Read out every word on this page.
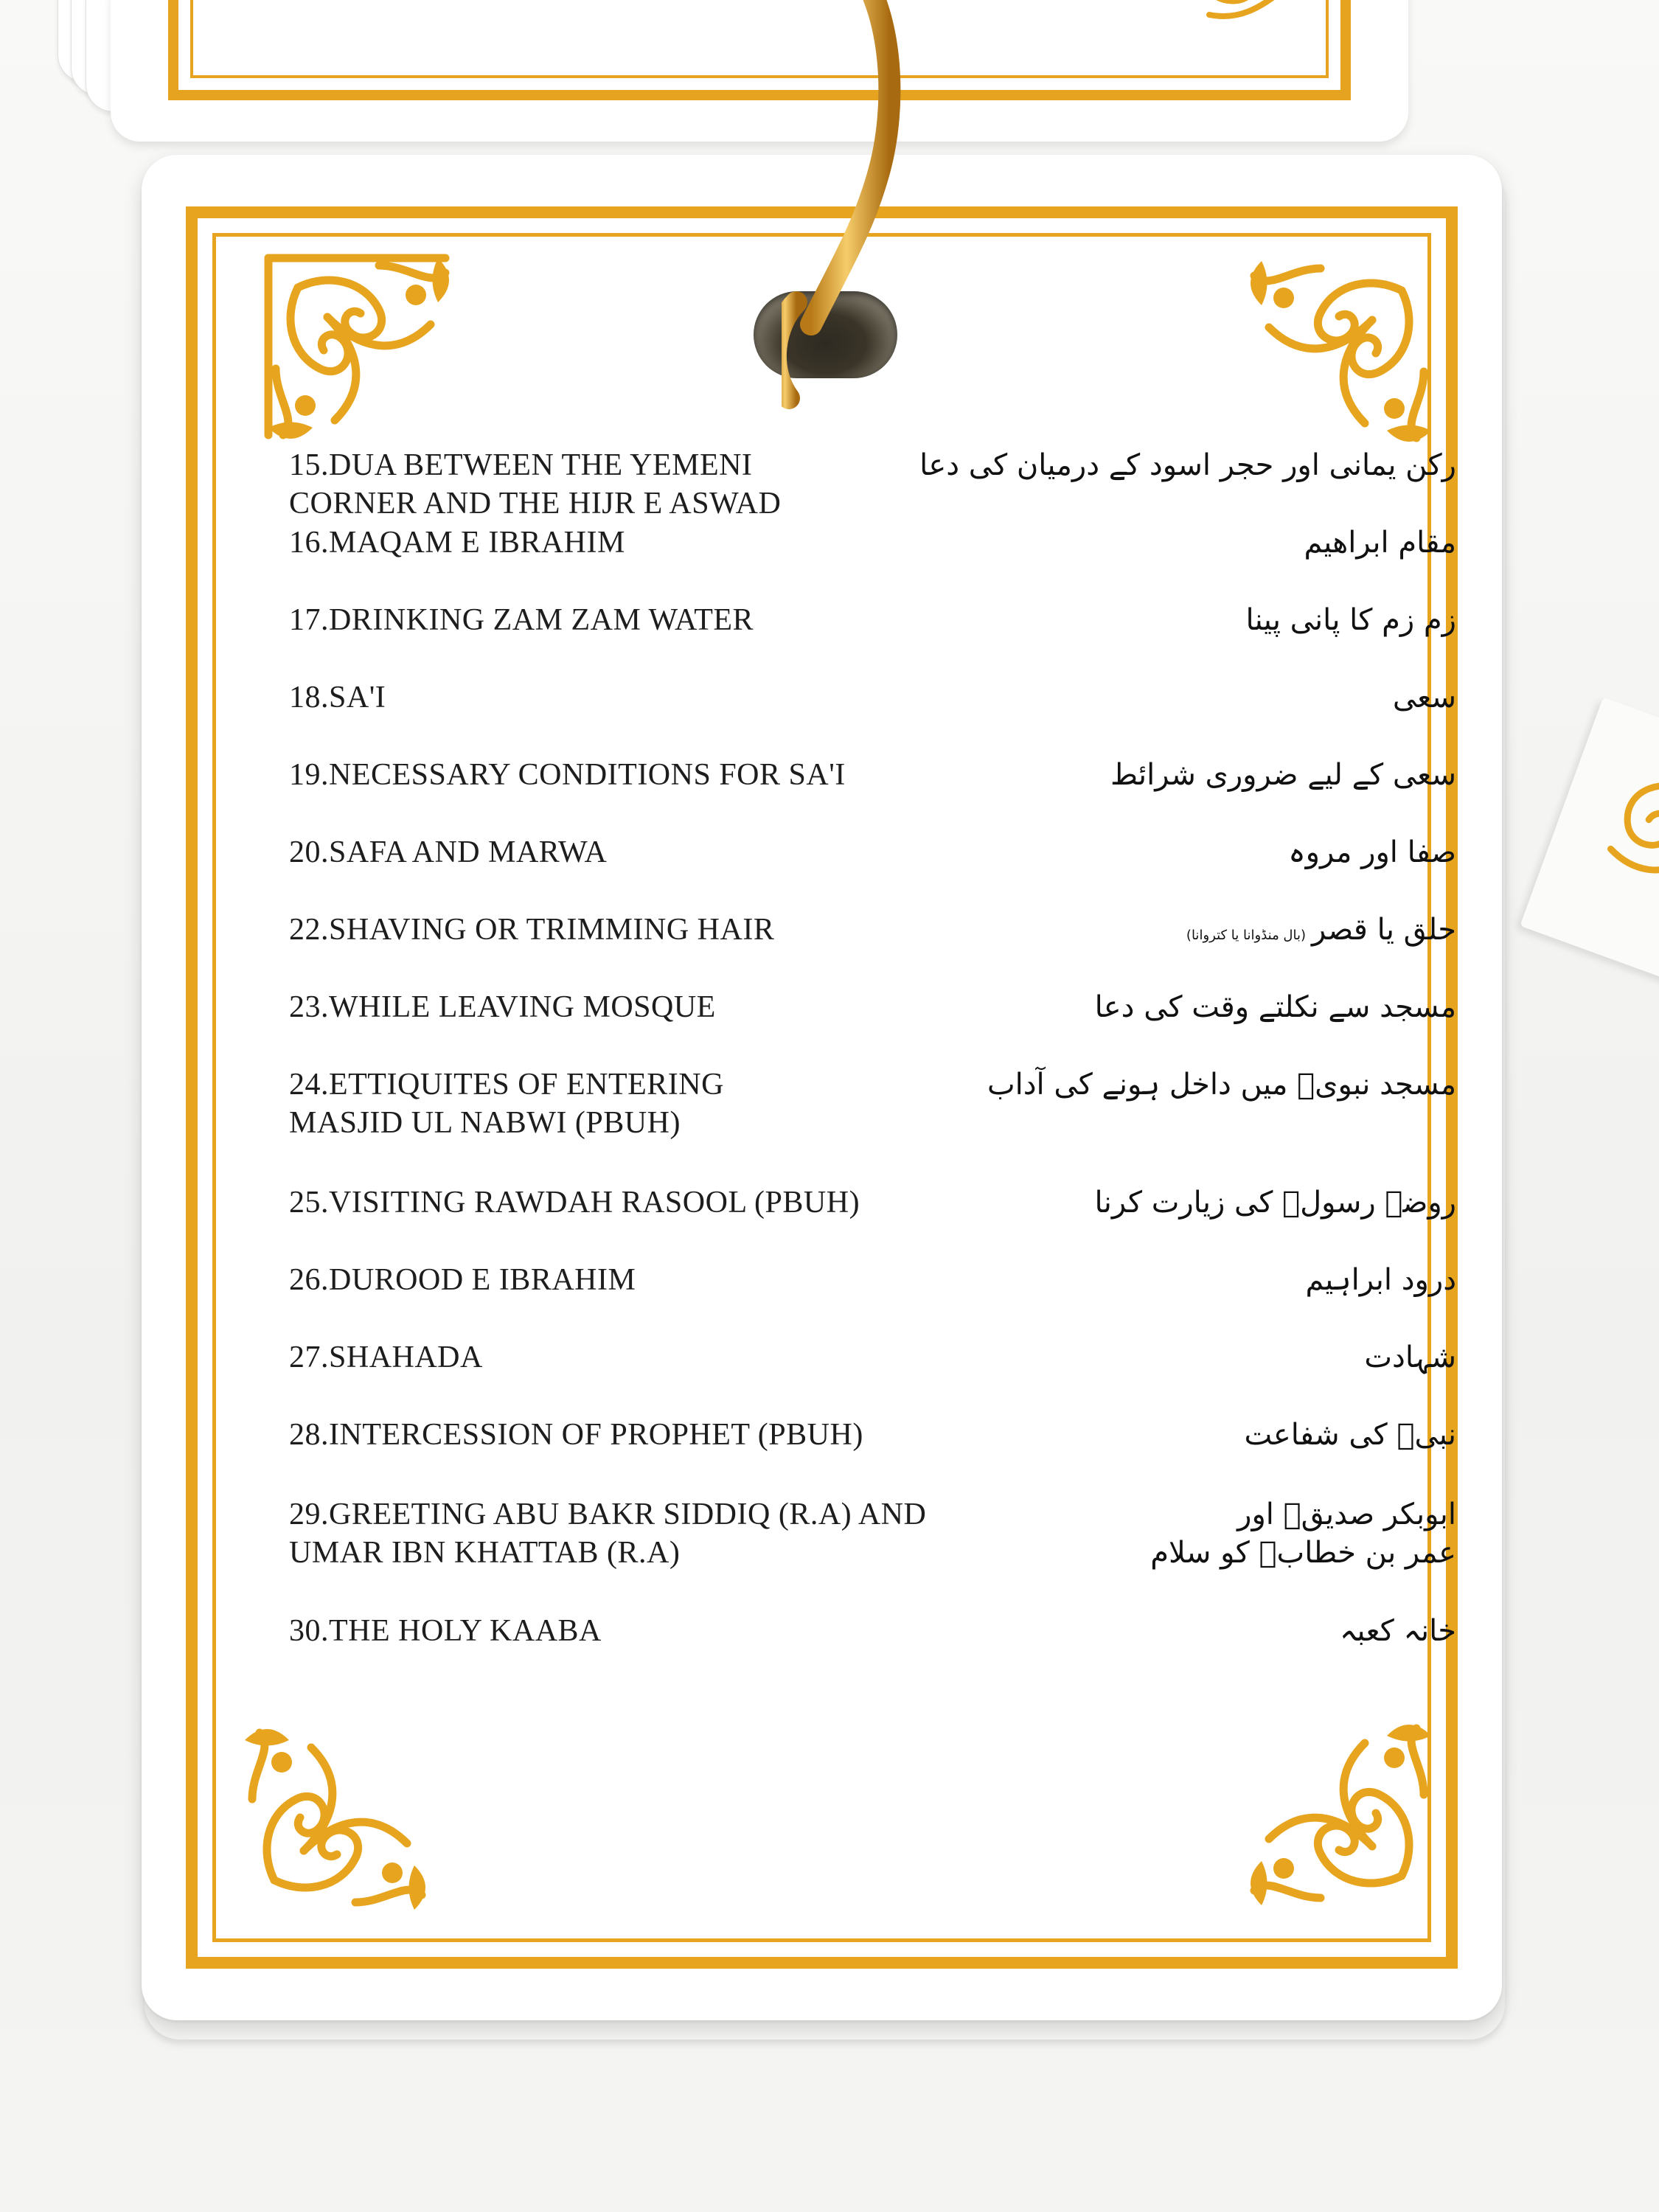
15.DUA BETWEEN THE YEMENI
CORNER AND THE HIJR E ASWAD
رکن یمانی اور حجر اسود کے درمیان کی دعا
16.MAQAM E IBRAHIM	مقام ابراھیم
17.DRINKING ZAM ZAM WATER	زم زم کا پانی پینا
18.SA'I	سعی
19.NECESSARY CONDITIONS FOR SA'I	سعی کے لیے ضروری شرائط
20.SAFA AND MARWA	صفا اور مروہ
22.SHAVING OR TRIMMING HAIR	حلق یا قصر(بال منڈوانا یا کتروانا)
23.WHILE LEAVING MOSQUE	مسجد سے نکلتے وقت کی دعا
24.ETTIQUITES OF ENTERING
MASJID UL NABWI (PBUH)
مسجد نبویؐ میں داخل ہونے کی آداب
25.VISITING RAWDAH RASOOL (PBUH)	روضہ رسولؐ کی زیارت کرنا
26.DUROOD E IBRAHIM	درود ابراہیم
27.SHAHADA	شہادت
28.INTERCESSION OF PROPHET (PBUH)	نبیؐ کی شفاعت
29.GREETING ABU BAKR SIDDIQ (R.A) AND
UMAR IBN KHATTAB (R.A)
ابوبکر صدیقؓ اور
عمر بن خطابؓ کو سلام
30.THE HOLY KAABA	خانہ کعبہ
